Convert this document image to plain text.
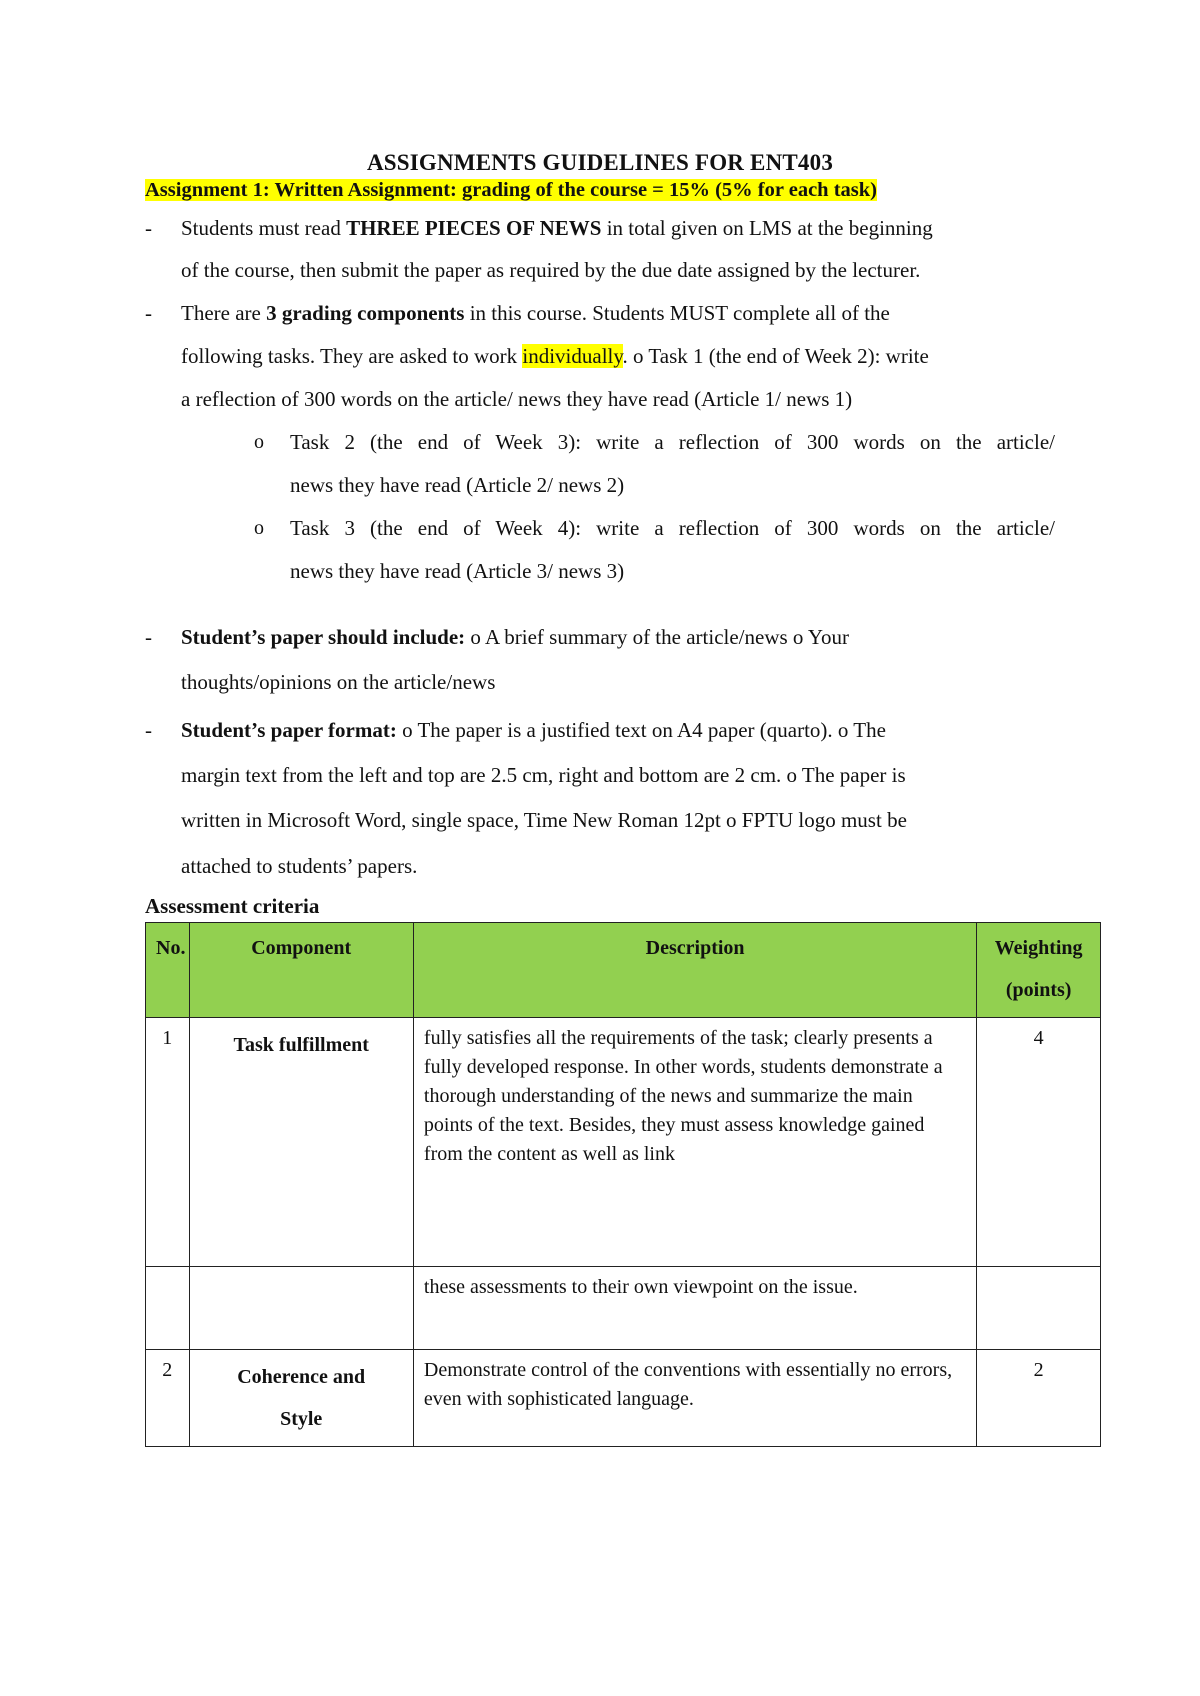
ASSIGNMENTS GUIDELINES FOR ENT403
Assignment 1: Written Assignment: grading of the course = 15% (5% for each task)
- Students must read THREE PIECES OF NEWS in total given on LMS at the beginning
of the course, then submit the paper as required by the due date assigned by the lecturer.
- There are 3 grading components in this course. Students MUST complete all of the
following tasks. They are asked to work individually. o Task 1 (the end of Week 2): write
a reflection of 300 words on the article/ news they have read (Article 1/ news 1)
o Task 2 (the end of Week 3): write a reflection of 300 words on the article/
news they have read (Article 2/ news 2)
o Task 3 (the end of Week 4): write a reflection of 300 words on the article/
news they have read (Article 3/ news 3)
- Student’s paper should include: o A brief summary of the article/news o Your
thoughts/opinions on the article/news
- Student’s paper format: o The paper is a justified text on A4 paper (quarto). o The
margin text from the left and top are 2.5 cm, right and bottom are 2 cm. o The paper is
written in Microsoft Word, single space, Time New Roman 12pt o FPTU logo must be
attached to students’ papers.
Assessment criteria
No.	Component	Description	Weighting
(points)
1	Task fulfillment	fully satisfies all the requirements of the task; clearly presents a fully developed response. In other words, students demonstrate a thorough understanding of the news and summarize the main points of the text. Besides, they must assess knowledge gained from the content as well as link	4
		these assessments to their own viewpoint on the issue.	
2	Coherence and
Style	Demonstrate control of the conventions with essentially no errors, even with sophisticated language.	2
